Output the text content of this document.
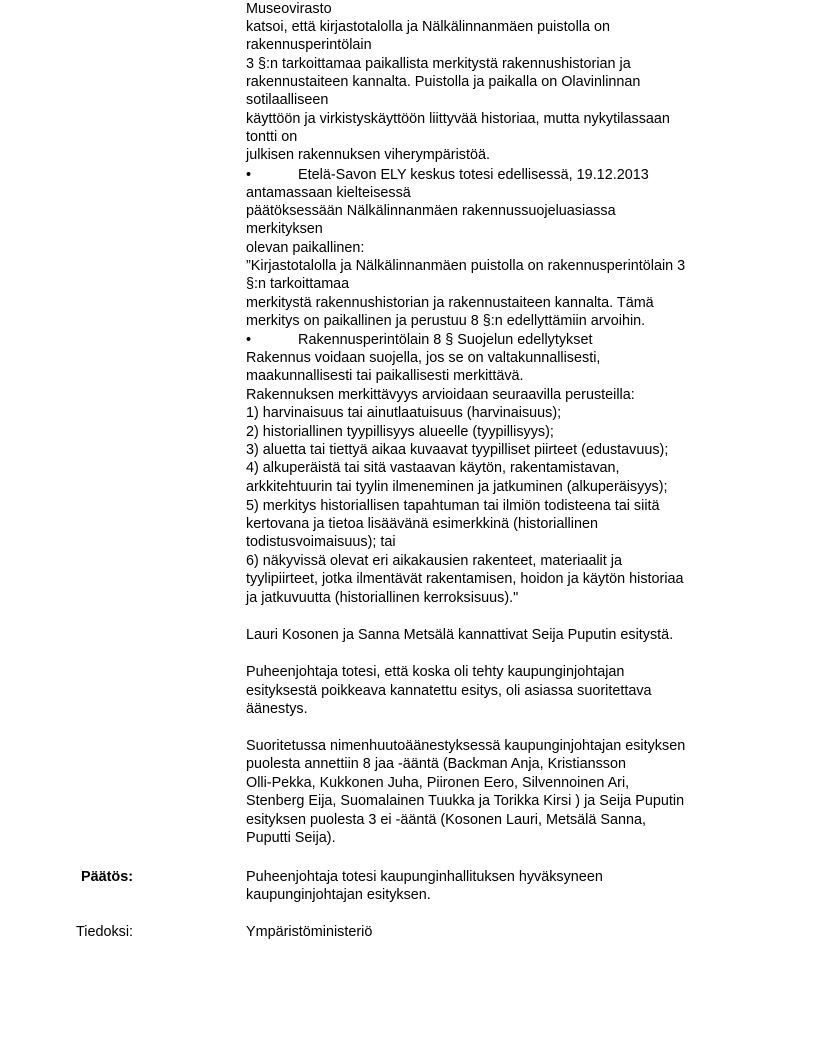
Museovirasto
katsoi, että kirjastotalolla ja Nälkälinnanmäen puistolla on
rakennusperintölain
3 §:n tarkoittamaa paikallista merkitystä rakennushistorian ja
rakennustaiteen kannalta. Puistolla ja paikalla on Olavinlinnan
sotilaalliseen
käyttöön ja virkistyskäyttöön liittyvää historiaa, mutta nykytilassaan
tontti on
julkisen rakennuksen viherympäristöä.
•	Etelä-Savon ELY keskus totesi edellisessä, 19.12.2013
antamassaan kielteisessä
päätöksessään Nälkälinnanmäen rakennussuojeluasiassa
merkityksen
olevan paikallinen:
”Kirjastotalolla ja Nälkälinnanmäen puistolla on rakennusperintölain 3
§:n tarkoittamaa
merkitystä rakennushistorian ja rakennustaiteen kannalta. Tämä
merkitys on paikallinen ja perustuu 8 §:n edellyttämiin arvoihin.
•	Rakennusperintölain 8 § Suojelun edellytykset
Rakennus voidaan suojella, jos se on valtakunnallisesti,
maakunnallisesti tai paikallisesti merkittävä.
Rakennuksen merkittävyys arvioidaan seuraavilla perusteilla:
1) harvinaisuus tai ainutlaatuisuus (harvinaisuus);
2) historiallinen tyypillisyys alueelle (tyypillisyys);
3) aluetta tai tiettyä aikaa kuvaavat tyypilliset piirteet (edustavuus);
4) alkuperäistä tai sitä vastaavan käytön, rakentamistavan,
arkkitehtuurin tai tyylin ilmeneminen ja jatkuminen (alkuperäisyys);
5) merkitys historiallisen tapahtuman tai ilmiön todisteena tai siitä
kertovana ja tietoa lisäävänä esimerkkinä (historiallinen
todistusvoimaisuus); tai
6) näkyvissä olevat eri aikakausien rakenteet, materiaalit ja
tyylipiirteet, jotka ilmentävät rakentamisen, hoidon ja käytön historiaa
ja jatkuvuutta (historiallinen kerroksisuus)."
Lauri Kosonen ja Sanna Metsälä kannattivat Seija Puputin esitystä.
Puheenjohtaja totesi, että koska oli tehty kaupunginjohtajan
esityksestä poikkeava kannatettu esitys, oli asiassa suoritettava
äänestys.
Suoritetussa nimenhuutoäänestyksessä kaupunginjohtajan esityksen
puolesta annettiin 8 jaa -ääntä (Backman Anja, Kristiansson
Olli-Pekka, Kukkonen Juha, Piironen Eero, Silvennoinen Ari,
Stenberg Eija, Suomalainen Tuukka ja Torikka Kirsi ) ja Seija Puputin
esityksen puolesta 3 ei -ääntä (Kosonen Lauri, Metsälä Sanna,
Puputti Seija).
Päätös:	Puheenjohtaja totesi kaupunginhallituksen hyväksyneen
kaupunginjohtajan esityksen.
Tiedoksi:	Ympäristöministeriö
